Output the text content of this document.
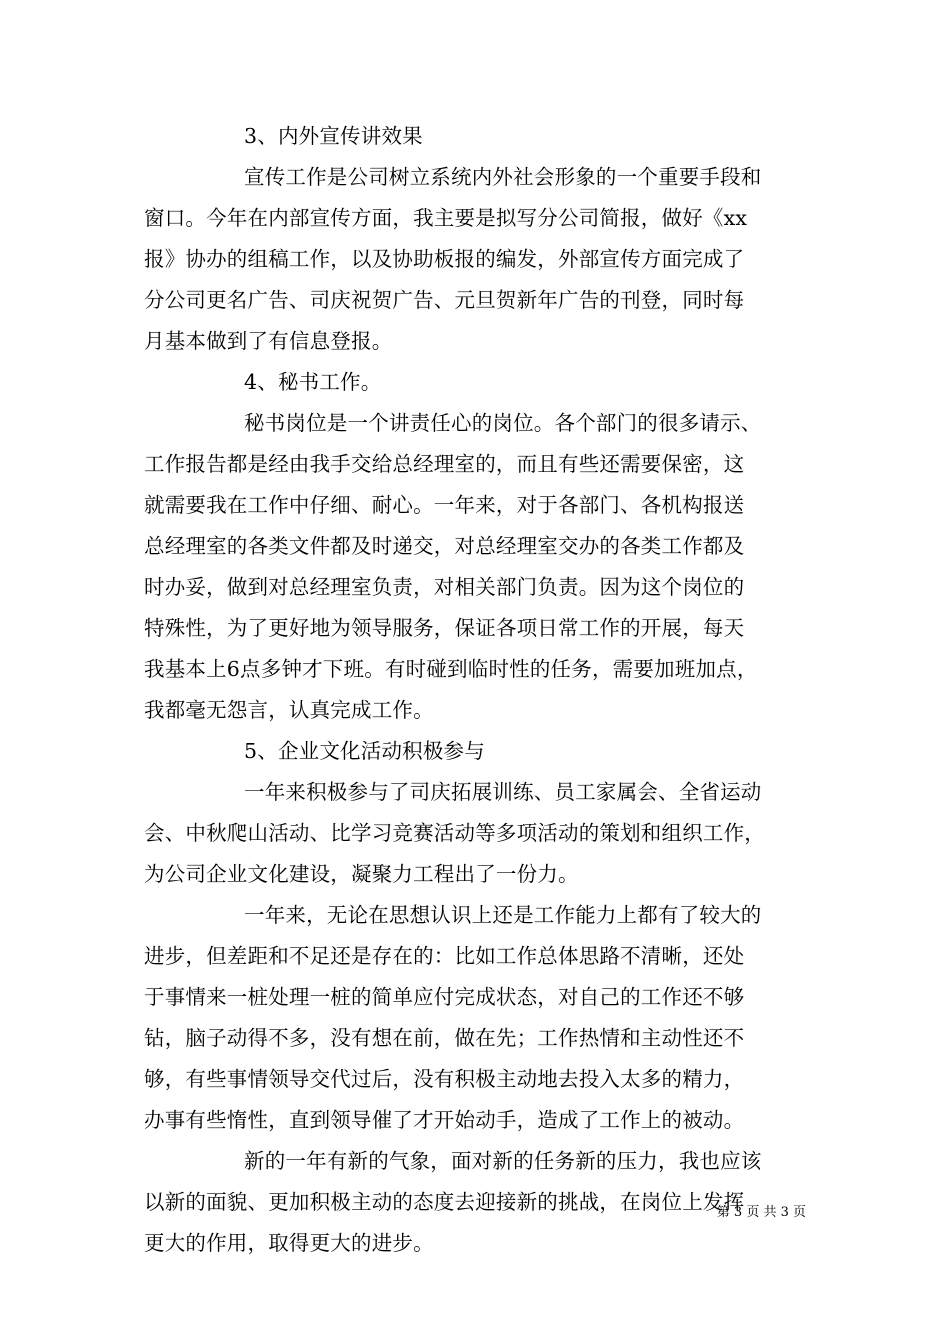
3、内外宣传讲效果
宣传工作是公司树立系统内外社会形象的一个重要手段和
窗口。今年在内部宣传方面，我主要是拟写分公司简报，做好《xx
报》协办的组稿工作，以及协助板报的编发，外部宣传方面完成了
分公司更名广告、司庆祝贺广告、元旦贺新年广告的刊登，同时每
月基本做到了有信息登报。
4、秘书工作。
秘书岗位是一个讲责任心的岗位。各个部门的很多请示、
工作报告都是经由我手交给总经理室的，而且有些还需要保密，这
就需要我在工作中仔细、耐心。一年来，对于各部门、各机构报送
总经理室的各类文件都及时递交，对总经理室交办的各类工作都及
时办妥，做到对总经理室负责，对相关部门负责。因为这个岗位的
特殊性，为了更好地为领导服务，保证各项日常工作的开展，每天
我基本上6点多钟才下班。有时碰到临时性的任务，需要加班加点，
我都毫无怨言，认真完成工作。
5、企业文化活动积极参与
一年来积极参与了司庆拓展训练、员工家属会、全省运动
会、中秋爬山活动、比学习竞赛活动等多项活动的策划和组织工作，
为公司企业文化建设，凝聚力工程出了一份力。
一年来，无论在思想认识上还是工作能力上都有了较大的
进步，但差距和不足还是存在的：比如工作总体思路不清晰，还处
于事情来一桩处理一桩的简单应付完成状态，对自己的工作还不够
钻，脑子动得不多，没有想在前，做在先；工作热情和主动性还不
够，有些事情领导交代过后，没有积极主动地去投入太多的精力，
办事有些惰性，直到领导催了才开始动手，造成了工作上的被动。
新的一年有新的气象，面对新的任务新的压力，我也应该
以新的面貌、更加积极主动的态度去迎接新的挑战，在岗位上发挥
更大的作用，取得更大的进步。
第 3 页 共 3 页
